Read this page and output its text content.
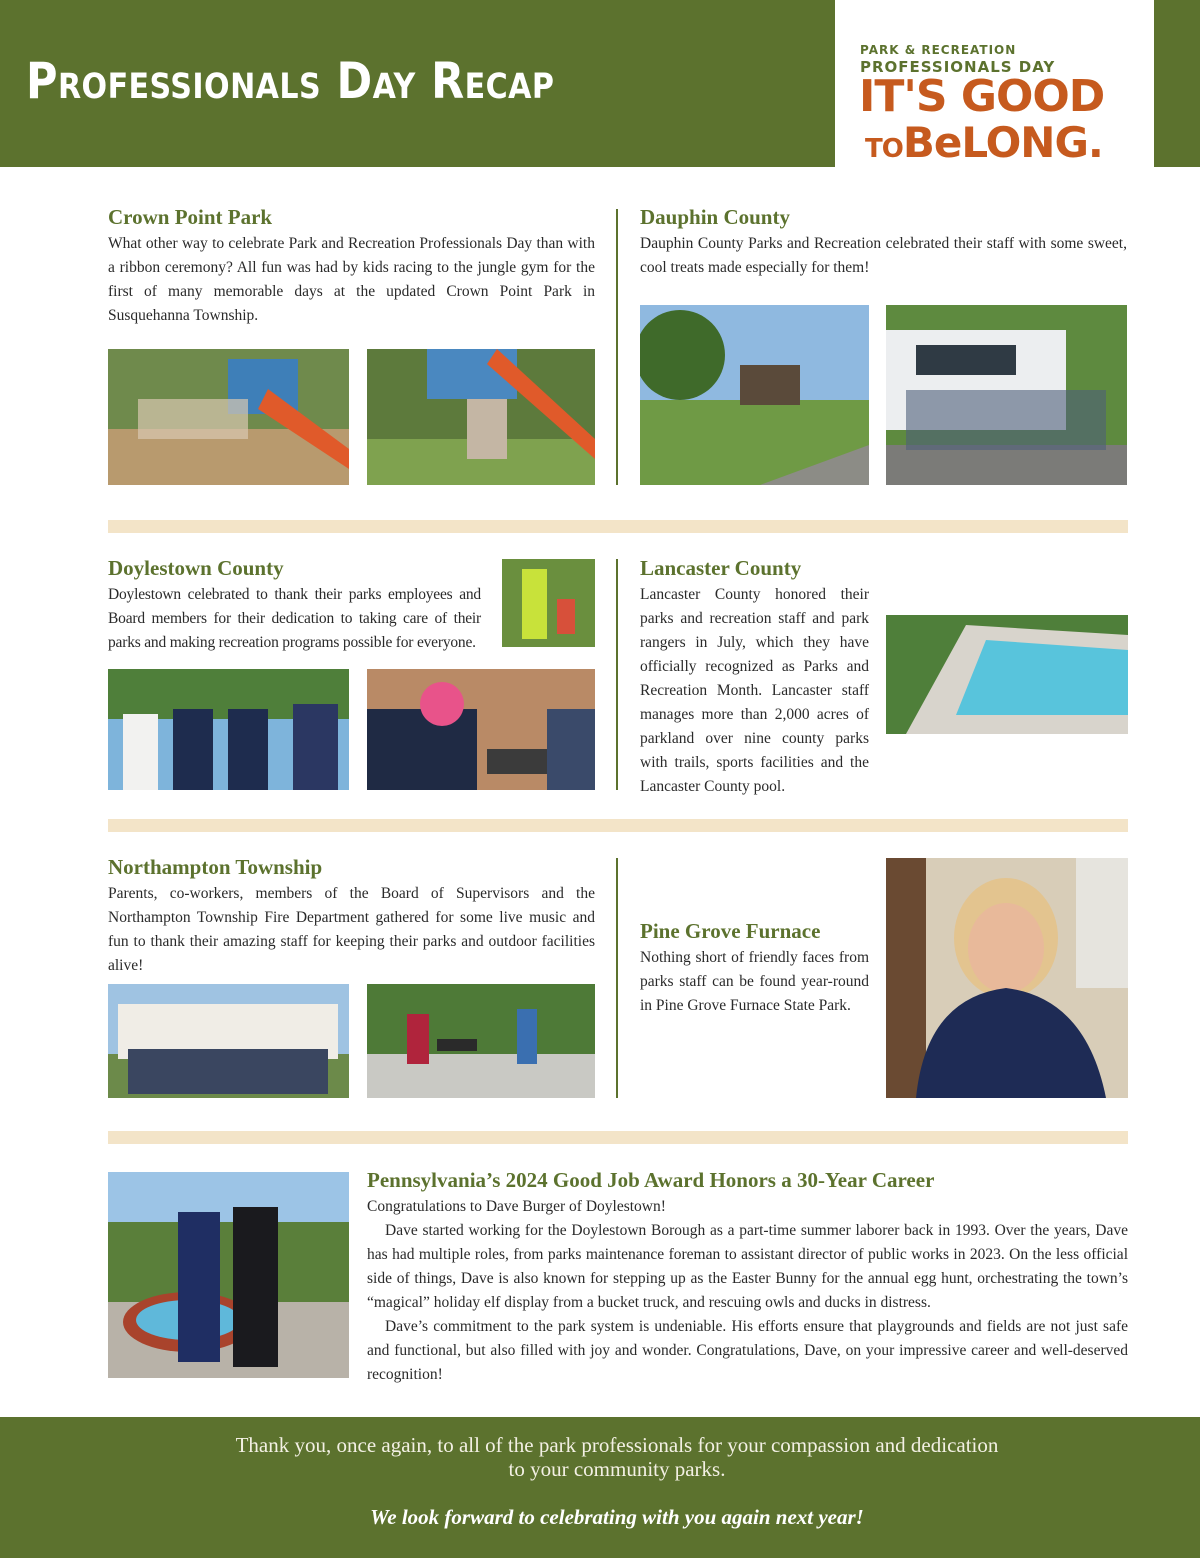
Professionals Day Recap
PARK & RECREATION
PROFESSIONALS DAY
IT'S GOOD
TOBeLONG.
Crown Point Park
What other way to celebrate Park and Recreation Professionals Day than with a ribbon ceremony? All fun was had by kids racing to the jungle gym for the first of many memorable days at the updated Crown Point Park in Susquehanna Township.
Dauphin County
Dauphin County Parks and Recreation celebrated their staff with some sweet, cool treats made especially for them!
Doylestown County
Doylestown celebrated to thank their parks employees and Board members for their dedication to taking care of their parks and making recreation programs possible for everyone.
Lancaster County
Lancaster County honored their parks and recreation staff and park rangers in July, which they have officially recognized as Parks and Recreation Month. Lancaster staff manages more than 2,000 acres of parkland over nine county parks with trails, sports facilities and the Lancaster County pool.
Northampton Township
Parents, co-workers, members of the Board of Supervisors and the Northampton Township Fire Department gathered for some live music and fun to thank their amazing staff for keeping their parks and outdoor facilities alive!
Pine Grove Furnace
Nothing short of friendly faces from parks staff can be found year-round in Pine Grove Furnace State Park.
Pennsylvania’s 2024 Good Job Award Honors a 30-Year Career

Congratulations to Dave Burger of Doylestown!

Dave started working for the Doylestown Borough as a part-time summer laborer back in 1993. Over the years, Dave has had multiple roles, from parks maintenance foreman to assistant director of public works in 2023. On the less official side of things, Dave is also known for stepping up as the Easter Bunny for the annual egg hunt, orchestrating the town’s “magical” holiday elf display from a bucket truck, and rescuing owls and ducks in distress.

Dave’s commitment to the park system is undeniable. His efforts ensure that playgrounds and fields are not just safe and functional, but also filled with joy and wonder. Congratulations, Dave, on your impressive career and well-deserved recognition!

Thank you, once again, to all of the park professionals for your compassion and dedication
to your community parks.
We look forward to celebrating with you again next year!
